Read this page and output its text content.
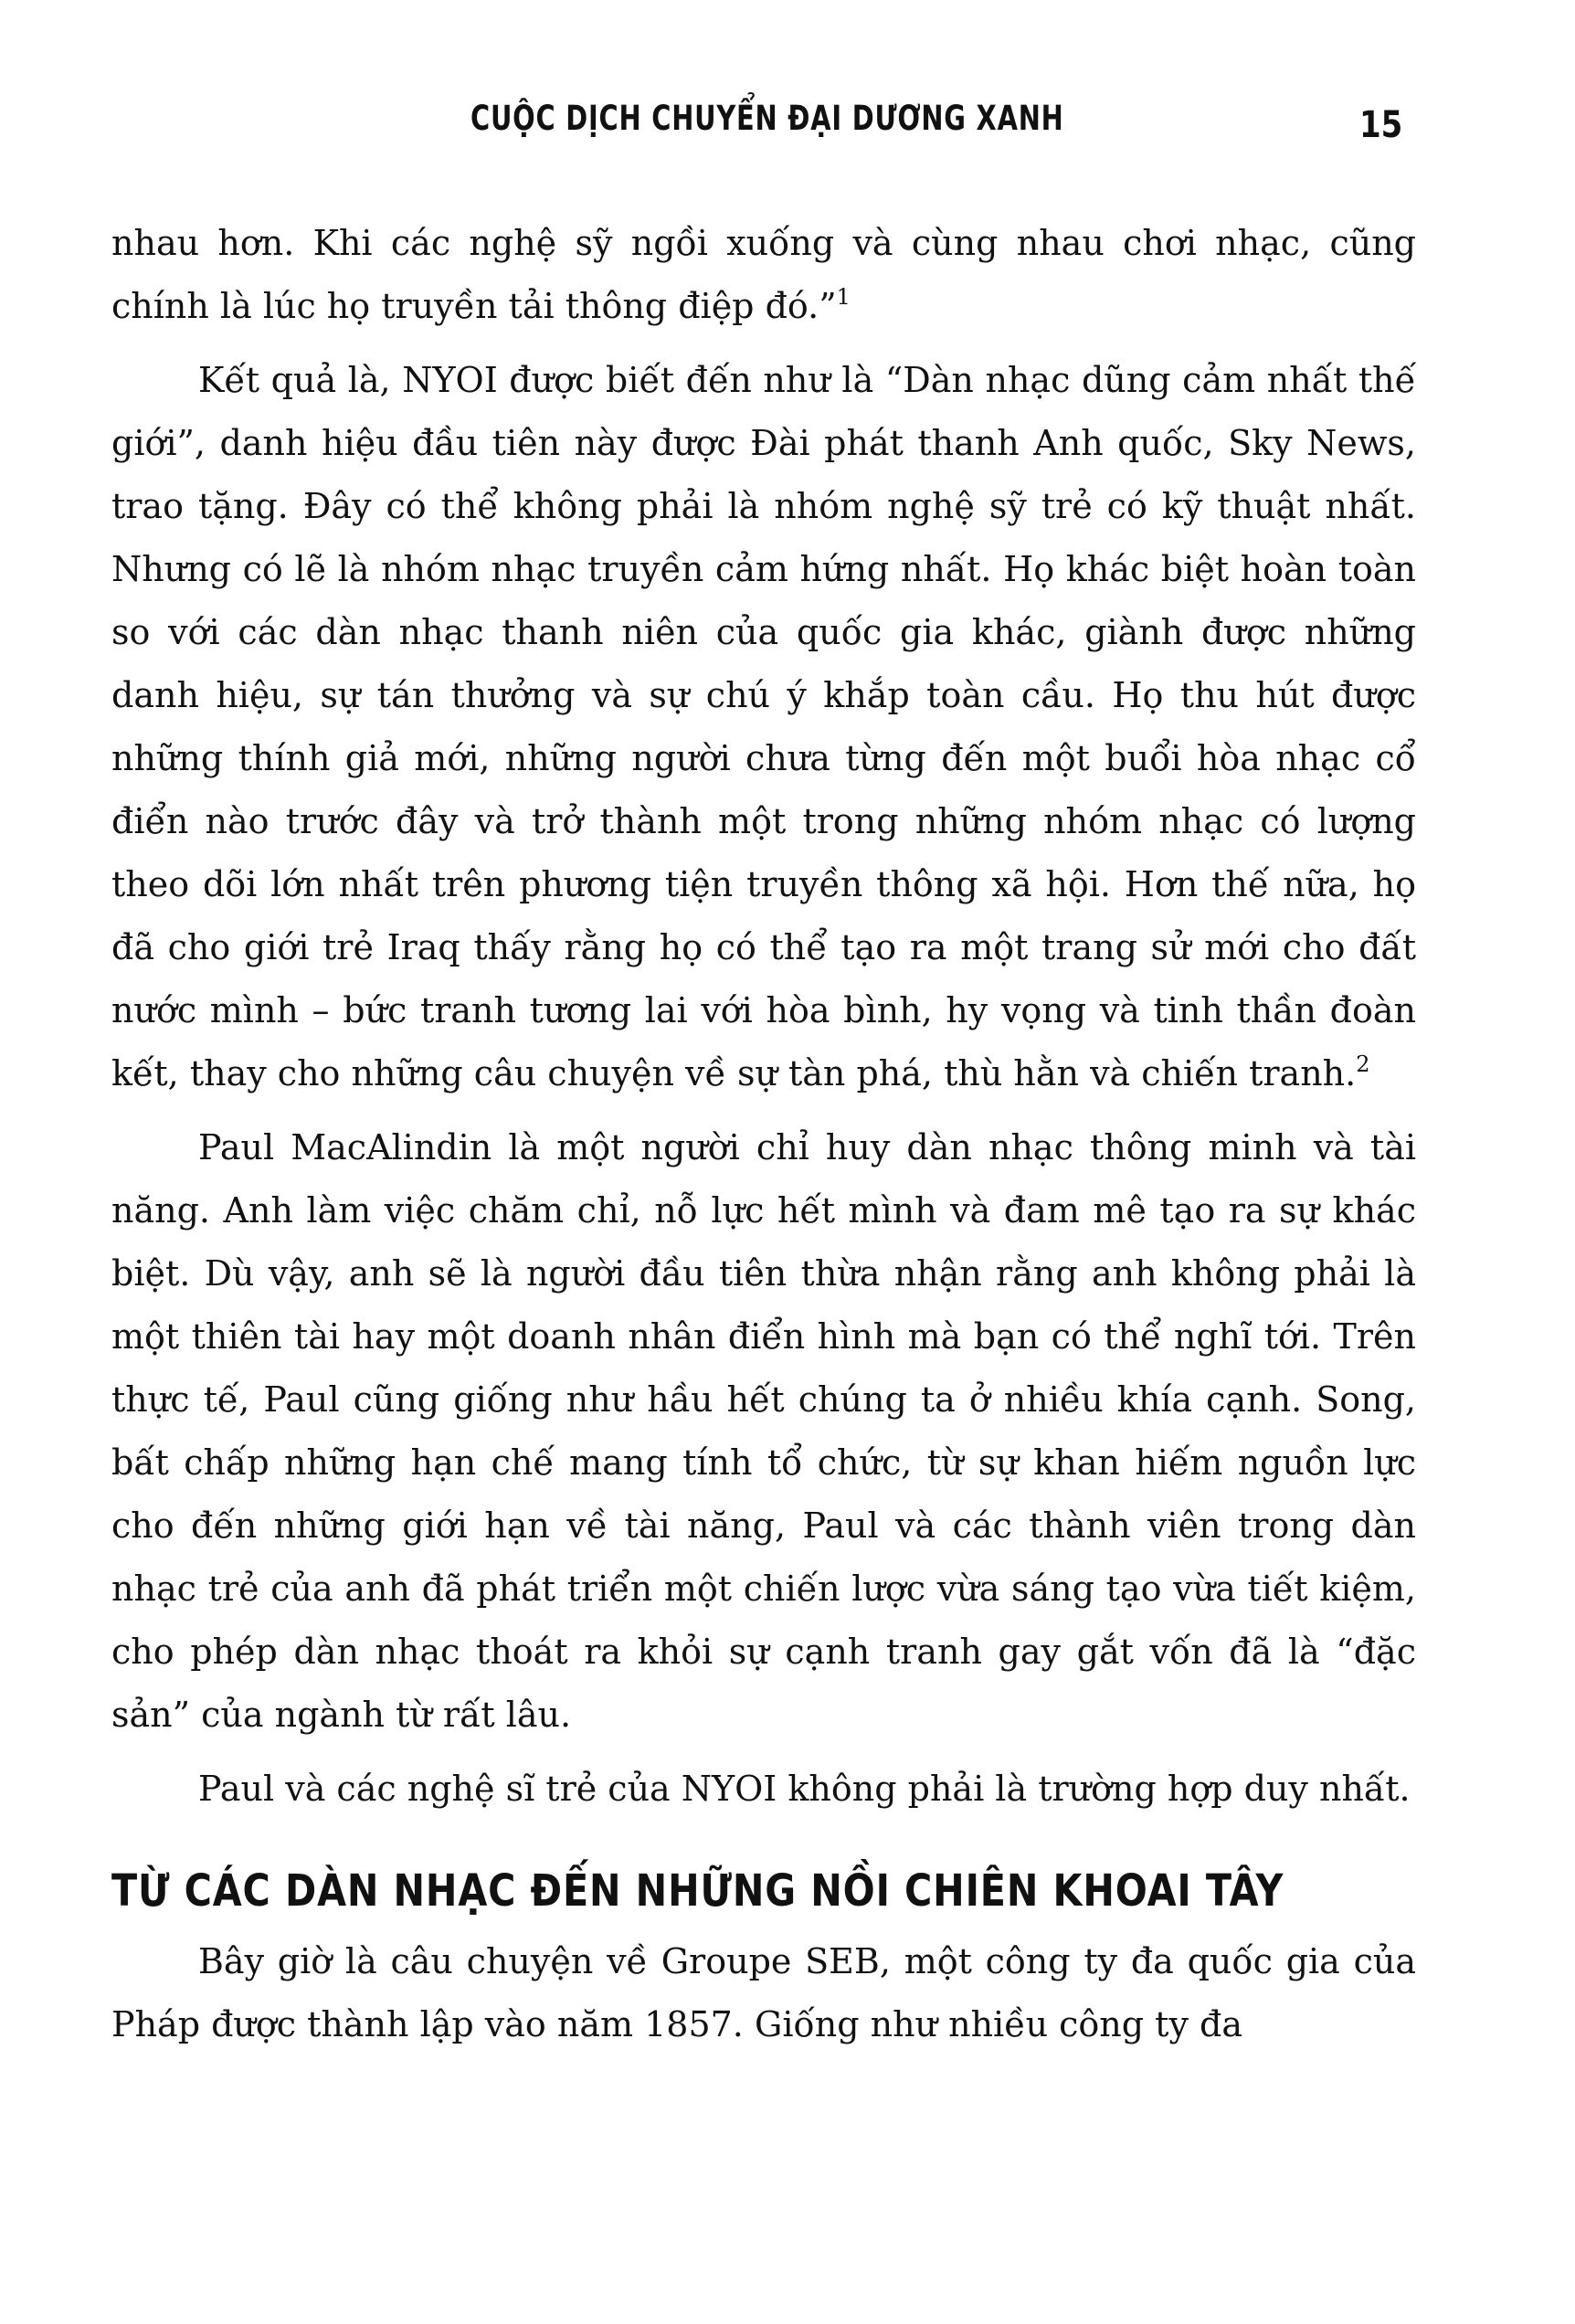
CUỘC DỊCH CHUYỂN ĐẠI DƯƠNG XANH	15

nhau hơn. Khi các nghệ sỹ ngồi xuống và cùng nhau chơi nhạc, cũng chính là lúc họ truyền tải thông điệp đó.”$^1$

Kết quả là, NYOI được biết đến như là “Dàn nhạc dũng cảm nhất thế giới”, danh hiệu đầu tiên này được Đài phát thanh Anh quốc, Sky News, trao tặng. Đây có thể không phải là nhóm nghệ sỹ trẻ có kỹ thuật nhất. Nhưng có lẽ là nhóm nhạc truyền cảm hứng nhất. Họ khác biệt hoàn toàn so với các dàn nhạc thanh niên của quốc gia khác, giành được những danh hiệu, sự tán thưởng và sự chú ý khắp toàn cầu. Họ thu hút được những thính giả mới, những người chưa từng đến một buổi hòa nhạc cổ điển nào trước đây và trở thành một trong những nhóm nhạc có lượng theo dõi lớn nhất trên phương tiện truyền thông xã hội. Hơn thế nữa, họ đã cho giới trẻ Iraq thấy rằng họ có thể tạo ra một trang sử mới cho đất nước mình – bức tranh tương lai với hòa bình, hy vọng và tinh thần đoàn kết, thay cho những câu chuyện về sự tàn phá, thù hằn và chiến tranh.$^2$

Paul MacAlindin là một người chỉ huy dàn nhạc thông minh và tài năng. Anh làm việc chăm chỉ, nỗ lực hết mình và đam mê tạo ra sự khác biệt. Dù vậy, anh sẽ là người đầu tiên thừa nhận rằng anh không phải là một thiên tài hay một doanh nhân điển hình mà bạn có thể nghĩ tới. Trên thực tế, Paul cũng giống như hầu hết chúng ta ở nhiều khía cạnh. Song, bất chấp những hạn chế mang tính tổ chức, từ sự khan hiếm nguồn lực cho đến những giới hạn về tài năng, Paul và các thành viên trong dàn nhạc trẻ của anh đã phát triển một chiến lược vừa sáng tạo vừa tiết kiệm, cho phép dàn nhạc thoát ra khỏi sự cạnh tranh gay gắt vốn đã là “đặc sản” của ngành từ rất lâu.

Paul và các nghệ sĩ trẻ của NYOI không phải là trường hợp duy nhất.

TỪ CÁC DÀN NHẠC ĐẾN NHỮNG NỒI CHIÊN KHOAI TÂY

Bây giờ là câu chuyện về Groupe SEB, một công ty đa quốc gia của Pháp được thành lập vào năm 1857. Giống như nhiều công ty đa
